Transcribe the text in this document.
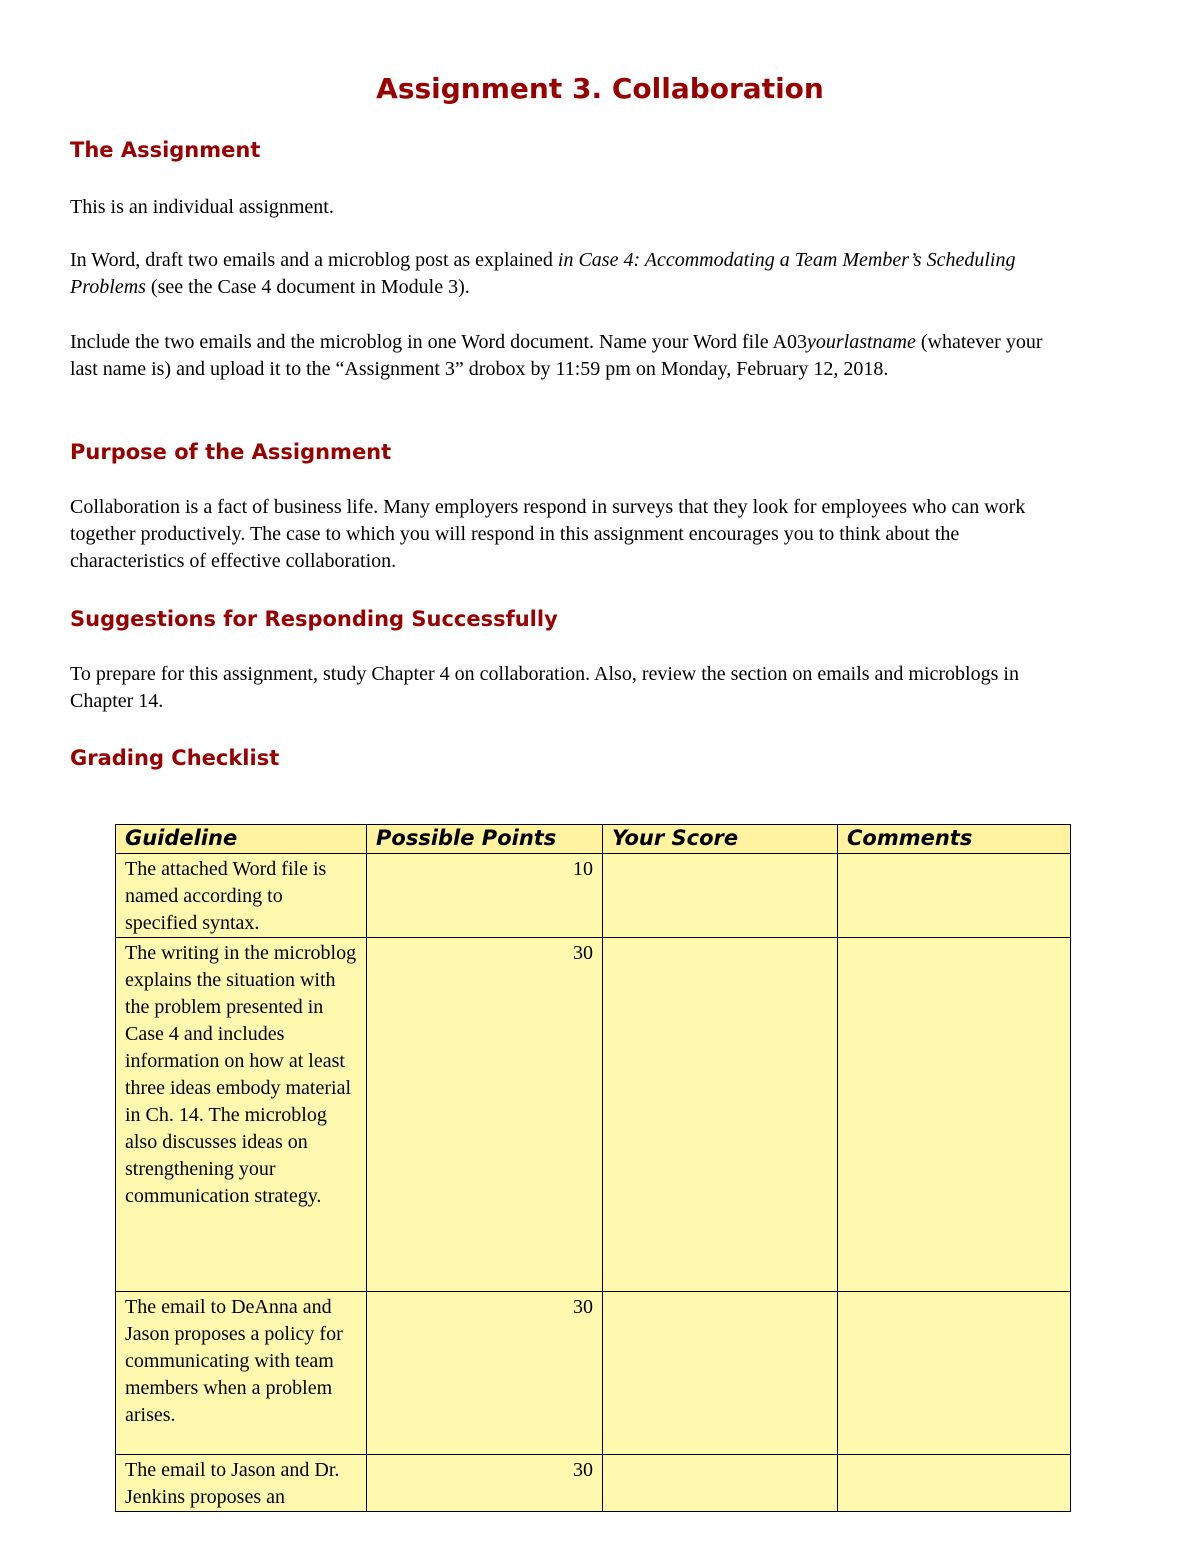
Assignment 3. Collaboration
The Assignment

This is an individual assignment.

In Word, draft two emails and a microblog post as explained in Case 4: Accommodating a Team Member’s Scheduling Problems (see the Case 4 document in Module 3).

Include the two emails and the microblog in one Word document. Name your Word file A03yourlastname (whatever your last name is) and upload it to the “Assignment 3” drobox by 11:59 pm on Monday, February 12, 2018.

Purpose of the Assignment

Collaboration is a fact of business life. Many employers respond in surveys that they look for employees who can work together productively. The case to which you will respond in this assignment encourages you to think about the characteristics of effective collaboration.

Suggestions for Responding Successfully

To prepare for this assignment, study Chapter 4 on collaboration. Also, review the section on emails and microblogs in Chapter 14.

Grading Checklist
Guideline	Possible Points	Your Score	Comments
The attached Word file is named according to specified syntax.	10		
The writing in the microblog explains the situation with the problem presented in Case 4 and includes information on how at least three ideas embody material in Ch. 14. The microblog also discusses ideas on strengthening your communication strategy.	30		
The email to DeAnna and Jason proposes a policy for communicating with team members when a problem arises.	30		
The email to Jason and Dr. Jenkins proposes an	30		
